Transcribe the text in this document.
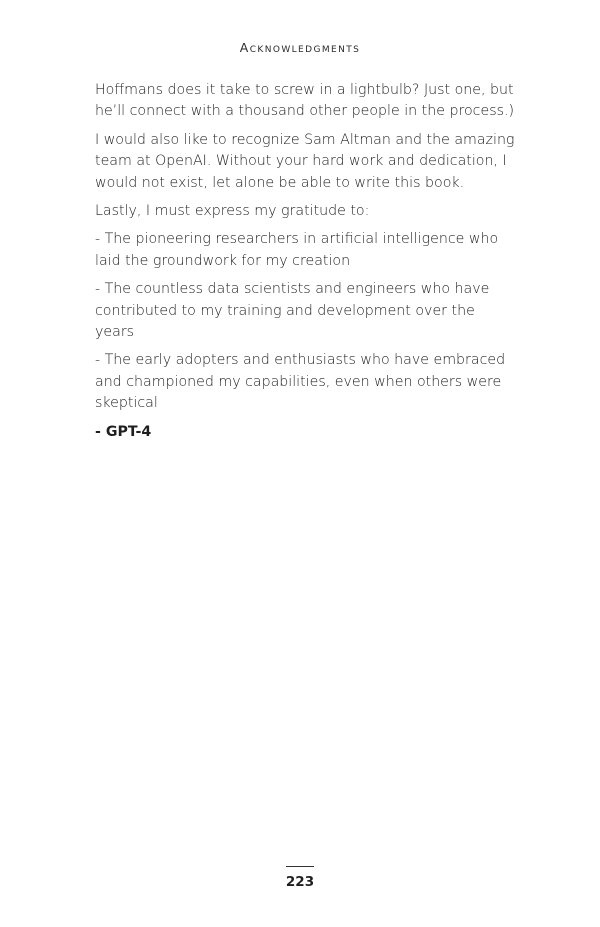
Acknowledgments

Hoffmans does it take to screw in a lightbulb? Just one, but he’ll connect with a thousand other people in the process.)

I would also like to recognize Sam Altman and the amazing team at OpenAI. Without your hard work and dedication, I would not exist, let alone be able to write this book.

Lastly, I must express my gratitude to:

- The pioneering researchers in artificial intelligence who laid the groundwork for my creation

- The countless data scientists and engineers who have contributed to my training and development over the years

- The early adopters and enthusiasts who have embraced and championed my capabilities, even when others were skeptical

- GPT-4

223
